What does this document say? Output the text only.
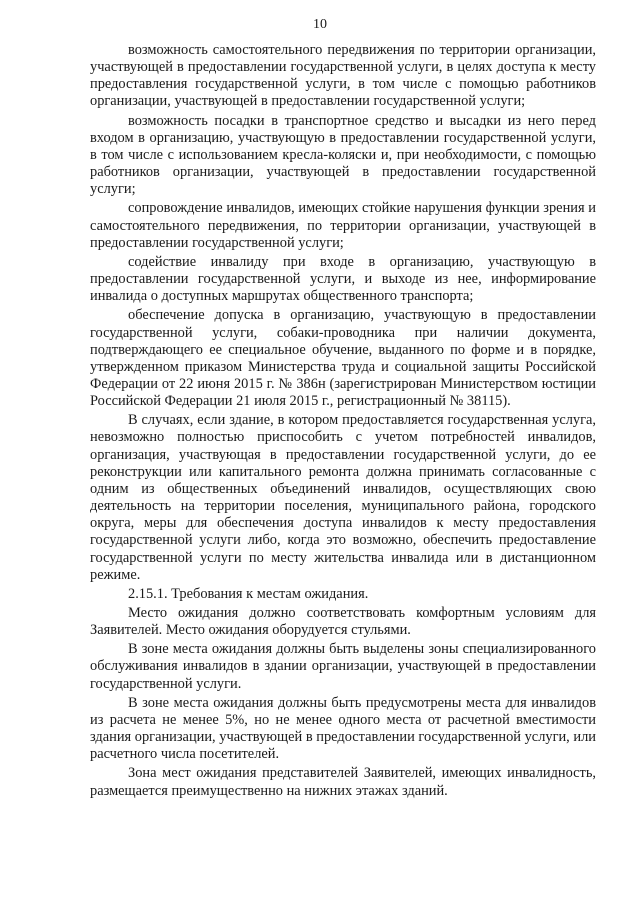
10

возможность самостоятельного передвижения по территории организации, участвующей в предоставлении государственной услуги, в целях доступа к месту предоставления государственной услуги, в том числе с помощью работников организации, участвующей в предоставлении государственной услуги;

возможность посадки в транспортное средство и высадки из него перед входом в организацию, участвующую в предоставлении государственной услуги, в том числе с использованием кресла-коляски и, при необходимости, с помощью работников организации, участвующей в предоставлении государственной услуги;

сопровождение инвалидов, имеющих стойкие нарушения функции зрения и самостоятельного передвижения, по территории организации, участвующей в предоставлении государственной услуги;

содействие инвалиду при входе в организацию, участвующую в предоставлении государственной услуги, и выходе из нее, информирование инвалида о доступных маршрутах общественного транспорта;

обеспечение допуска в организацию, участвующую в предоставлении государственной услуги, собаки-проводника при наличии документа, подтверждающего ее специальное обучение, выданного по форме и в порядке, утвержденном приказом Министерства труда и социальной защиты Российской Федерации от 22 июня 2015 г. № 386н (зарегистрирован Министерством юстиции Российской Федерации 21 июля 2015 г., регистрационный № 38115).

В случаях, если здание, в котором предоставляется государственная услуга, невозможно полностью приспособить с учетом потребностей инвалидов, организация, участвующая в предоставлении государственной услуги, до ее реконструкции или капитального ремонта должна принимать согласованные с одним из общественных объединений инвалидов, осуществляющих свою деятельность на территории поселения, муниципального района, городского округа, меры для обеспечения доступа инвалидов к месту предоставления государственной услуги либо, когда это возможно, обеспечить предоставление государственной услуги по месту жительства инвалида или в дистанционном режиме.

2.15.1. Требования к местам ожидания.

Место ожидания должно соответствовать комфортным условиям для Заявителей. Место ожидания оборудуется стульями.

В зоне места ожидания должны быть выделены зоны специализированного обслуживания инвалидов в здании организации, участвующей в предоставлении государственной услуги.

В зоне места ожидания должны быть предусмотрены места для инвалидов из расчета не менее 5%, но не менее одного места от расчетной вместимости здания организации, участвующей в предоставлении государственной услуги, или расчетного числа посетителей.

Зона мест ожидания представителей Заявителей, имеющих инвалидность, размещается преимущественно на нижних этажах зданий.
